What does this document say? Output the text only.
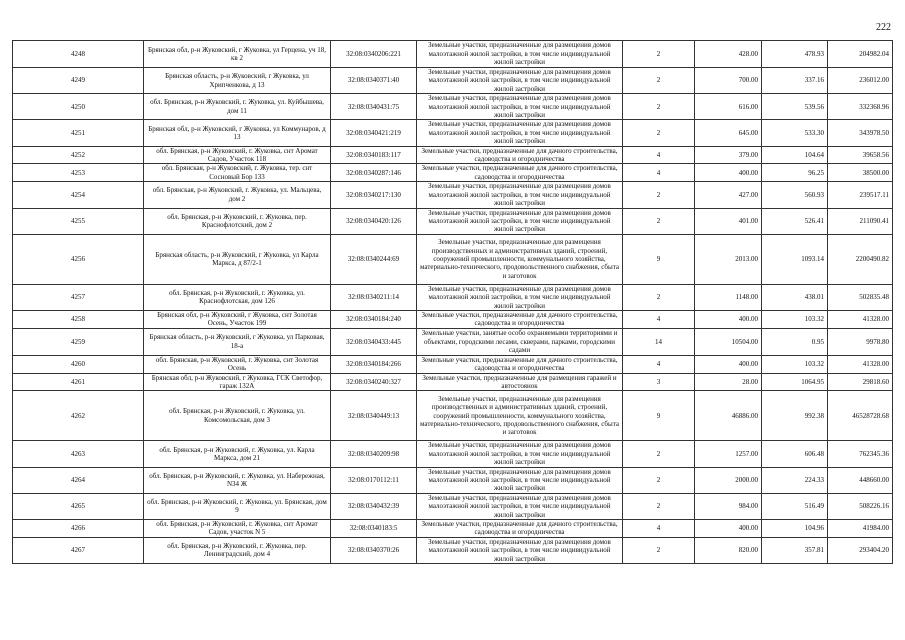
222
4248	Брянская обл, р-н Жуковский, г Жуковка, ул Герцена, уч 18, кв 2	32:08:0340206:221	Земельные участки, предназначенные для размещения домов малоэтажной жилой застройки, в том числе индивидуальной жилой застройки	2	428.00	478.93	204982.04
4249	Брянская область, р-н Жуковский, г Жуковка, ул Хрипченкова, д 13	32:08:0340371:40	Земельные участки, предназначенные для размещения домов малоэтажной жилой застройки, в том числе индивидуальной жилой застройки	2	700.00	337.16	236012.00
4250	обл. Брянская, р-н Жуковский, г. Жуковка, ул. Куйбышева, дом 11	32:08:0340431:75	Земельные участки, предназначенные для размещения домов малоэтажной жилой застройки, в том числе индивидуальной жилой застройки	2	616.00	539.56	332368.96
4251	Брянская обл, р-н Жуковский, г Жуковка, ул Коммунаров, д 13	32:08:0340421:219	Земельные участки, предназначенные для размещения домов малоэтажной жилой застройки, в том числе индивидуальной жилой застройки	2	645.00	533.30	343978.50
4252	обл. Брянская, р-н Жуковский, г. Жуковка, снт Аромат Садов, Участок 118	32:08:0340183:117	Земельные участки, предназначенные для дачного строительства, садоводства и огородничества	4	379.00	104.64	39658.56
4253	обл. Брянская, р-н Жуковский, г. Жуковка, тер. снт Сосновый Бор 133	32:08:0340287:146	Земельные участки, предназначенные для дачного строительства, садоводства и огородничества	4	400.00	96.25	38500.00
4254	обл. Брянская, р-н Жуковский, г. Жуковка, ул. Мальцева, дом 2	32:08:0340217:130	Земельные участки, предназначенные для размещения домов малоэтажной жилой застройки, в том числе индивидуальной жилой застройки	2	427.00	560.93	239517.11
4255	обл. Брянская, р-н Жуковский, г. Жуковка, пер. Краснофлотский, дом 2	32:08:0340420:126	Земельные участки, предназначенные для размещения домов малоэтажной жилой застройки, в том числе индивидуальной жилой застройки	2	401.00	526.41	211090.41
4256	Брянская область, р-н Жуковский, г Жуковка, ул Карла Маркса, д 87/2-1	32:08:0340244:69	Земельные участки, предназначенные для размещения производственных и административных зданий, строений, сооружений промышленности, коммунального хозяйства, материально-технического, продовольственного снабжения, сбыта и заготовок	9	2013.00	1093.14	2200490.82
4257	обл. Брянская, р-н Жуковский, г. Жуковка, ул. Краснофлотская, дом 126	32:08:0340211:14	Земельные участки, предназначенные для размещения домов малоэтажной жилой застройки, в том числе индивидуальной жилой застройки	2	1148.00	438.01	502835.48
4258	Брянская обл, р-н Жуковский, г Жуковка, снт Золотая Осень, Участок 199	32:08:0340184:240	Земельные участки, предназначенные для дачного строительства, садоводства и огородничества	4	400.00	103.32	41328.00
4259	Брянская область, р-н Жуковский, г Жуковка, ул Парковая, 18-а	32:08:0340433:445	Земельные участки, занятые особо охраняемыми территориями и объектами, городскими лесами, скверами, парками, городскими садами	14	10504.00	0.95	9978.80
4260	обл. Брянская, р-н Жуковский, г. Жуковка, снт Золотая Осень	32:08:0340184:266	Земельные участки, предназначенные для дачного строительства, садоводства и огородничества	4	400.00	103.32	41328.00
4261	Брянская обл, р-н Жуковский, г Жуковка, ГСК Светофор, гараж 132А	32:08:0340240:327	Земельные участки, предназначенные для размещения гаражей и автостоянок	3	28.00	1064.95	29818.60
4262	обл. Брянская, р-н Жуковский, г. Жуковка, ул. Комсомольская, дом 3	32:08:0340449:13	Земельные участки, предназначенные для размещения производственных и административных зданий, строений, сооружений промышленности, коммунального хозяйства, материально-технического, продовольственного снабжения, сбыта и заготовок	9	46886.00	992.38	46528728.68
4263	обл. Брянская, р-н Жуковский, г. Жуковка, ул. Карла Маркса, дом 21	32:08:0340209:98	Земельные участки, предназначенные для размещения домов малоэтажной жилой застройки, в том числе индивидуальной жилой застройки	2	1257.00	606.48	762345.36
4264	обл. Брянская, р-н Жуковский, г. Жуковка, ул. Набережная, N34 Ж	32:08:0170112:11	Земельные участки, предназначенные для размещения домов малоэтажной жилой застройки, в том числе индивидуальной жилой застройки	2	2000.00	224.33	448660.00
4265	обл. Брянская, р-н Жуковский, г. Жуковка, ул. Брянская, дом 9	32:08:0340432:39	Земельные участки, предназначенные для размещения домов малоэтажной жилой застройки, в том числе индивидуальной жилой застройки	2	984.00	516.49	508226.16
4266	обл. Брянская, р-н Жуковский, г. Жуковка, снт Аромат Садов, участок N 5	32:08:0340183:5	Земельные участки, предназначенные для дачного строительства, садоводства и огородничества	4	400.00	104.96	41984.00
4267	обл. Брянская, р-н Жуковский, г. Жуковка, пер. Ленинградский, дом 4	32:08:0340370:26	Земельные участки, предназначенные для размещения домов малоэтажной жилой застройки, в том числе индивидуальной жилой застройки	2	820.00	357.81	293404.20
